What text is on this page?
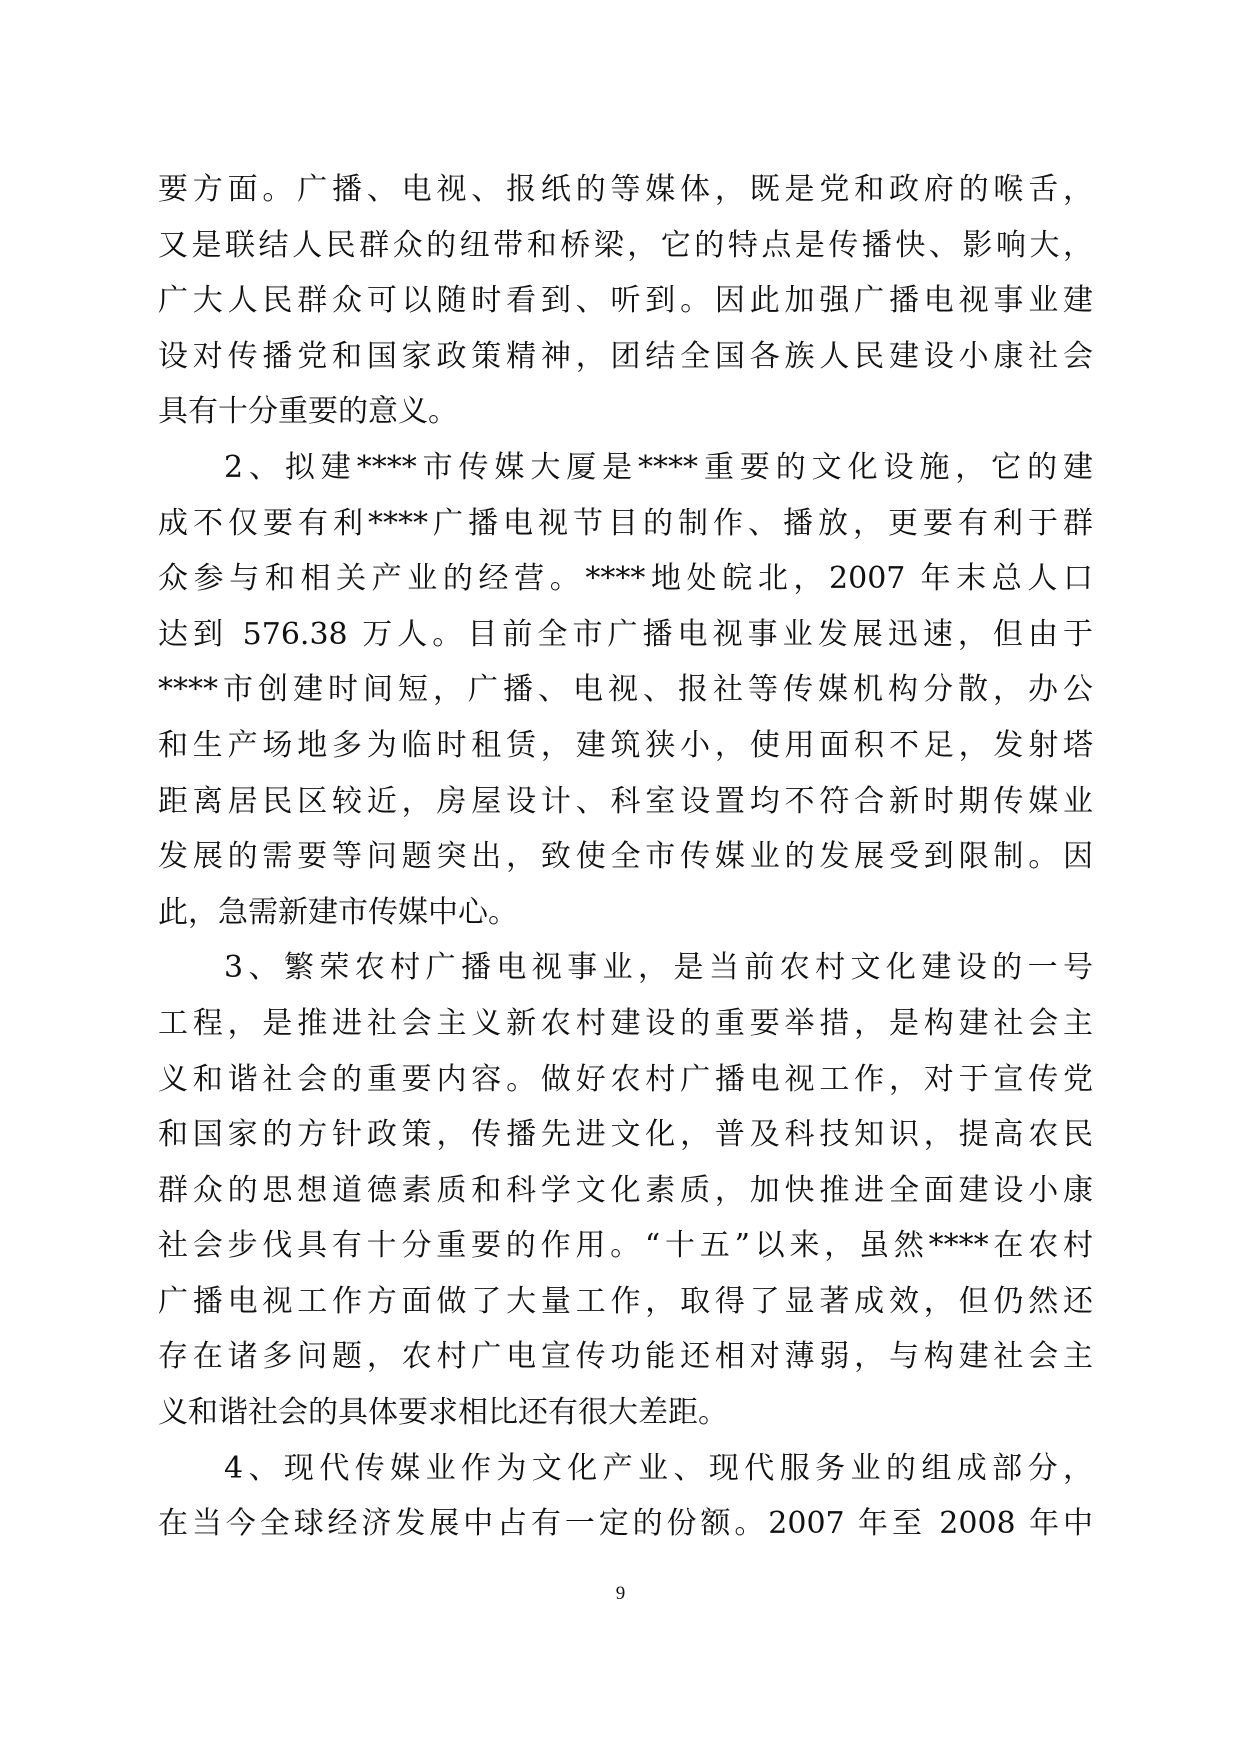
要方面。广播、电视、报纸的等媒体，既是党和政府的喉舌，
又是联结人民群众的纽带和桥梁，它的特点是传播快、影响大，
广大人民群众可以随时看到、听到。因此加强广播电视事业建
设对传播党和国家政策精神，团结全国各族人民建设小康社会
具有十分重要的意义。
2、拟建****市传媒大厦是****重要的文化设施，它的建
成不仅要有利****广播电视节目的制作、播放，更要有利于群
众参与和相关产业的经营。****地处皖北，2007 年末总人口
达到 576.38 万人。目前全市广播电视事业发展迅速，但由于
****市创建时间短，广播、电视、报社等传媒机构分散，办公
和生产场地多为临时租赁，建筑狭小，使用面积不足，发射塔
距离居民区较近，房屋设计、科室设置均不符合新时期传媒业
发展的需要等问题突出，致使全市传媒业的发展受到限制。因
此，急需新建市传媒中心。
3、繁荣农村广播电视事业，是当前农村文化建设的一号
工程，是推进社会主义新农村建设的重要举措，是构建社会主
义和谐社会的重要内容。做好农村广播电视工作，对于宣传党
和国家的方针政策，传播先进文化，普及科技知识，提高农民
群众的思想道德素质和科学文化素质，加快推进全面建设小康
社会步伐具有十分重要的作用。“十五”以来，虽然****在农村
广播电视工作方面做了大量工作，取得了显著成效，但仍然还
存在诸多问题，农村广电宣传功能还相对薄弱，与构建社会主
义和谐社会的具体要求相比还有很大差距。
4、现代传媒业作为文化产业、现代服务业的组成部分，
在当今全球经济发展中占有一定的份额。2007 年至 2008 年中
9
